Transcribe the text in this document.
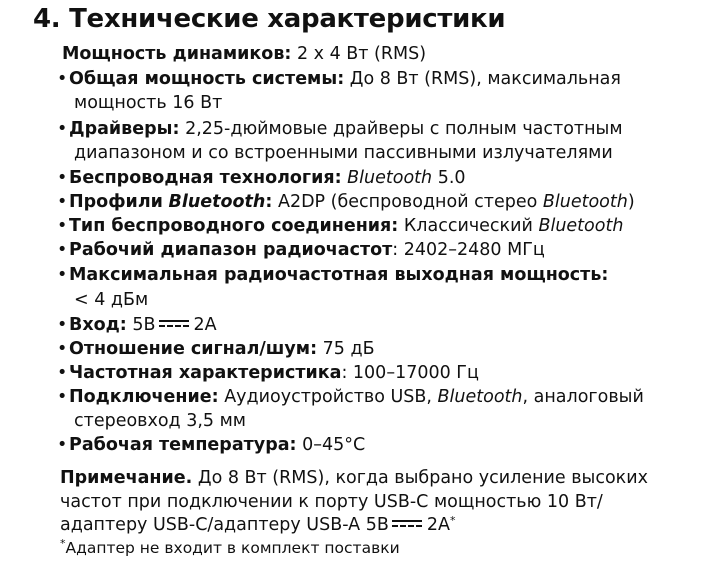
4. Технические характеристики

Мощность динамиков: 2 x 4 Вт (RMS)

•Общая мощность системы: До 8 Вт (RMS), максимальная

мощность 16 Вт

•Драйверы: 2,25-дюймовые драйверы с полным частотным

диапазоном и со встроенными пассивными излучателями

•Беспроводная технология: Bluetooth 5.0

•Профили Bluetooth: A2DP (беспроводной стерео Bluetooth)

•Тип беспроводного соединения: Классический Bluetooth

•Рабочий диапазон радиочастот: 2402–2480 МГц

•Максимальная радиочастотная выходная мощность:

< 4 дБм

•Вход: 5В 2A

•Отношение сигнал/шум: 75 дБ

•Частотная характеристика: 100–17000 Гц

•Подключение: Аудиоустройство USB, Bluetooth, аналоговый

стереовход 3,5 мм

•Рабочая температура: 0–45°C

Примечание. До 8 Вт (RMS), когда выбрано усиление высоких

частот при подключении к порту USB-C мощностью 10 Вт/

адаптеру USB-C/адаптеру USB-A 5В 2A*

*Адаптер не входит в комплект поставки
